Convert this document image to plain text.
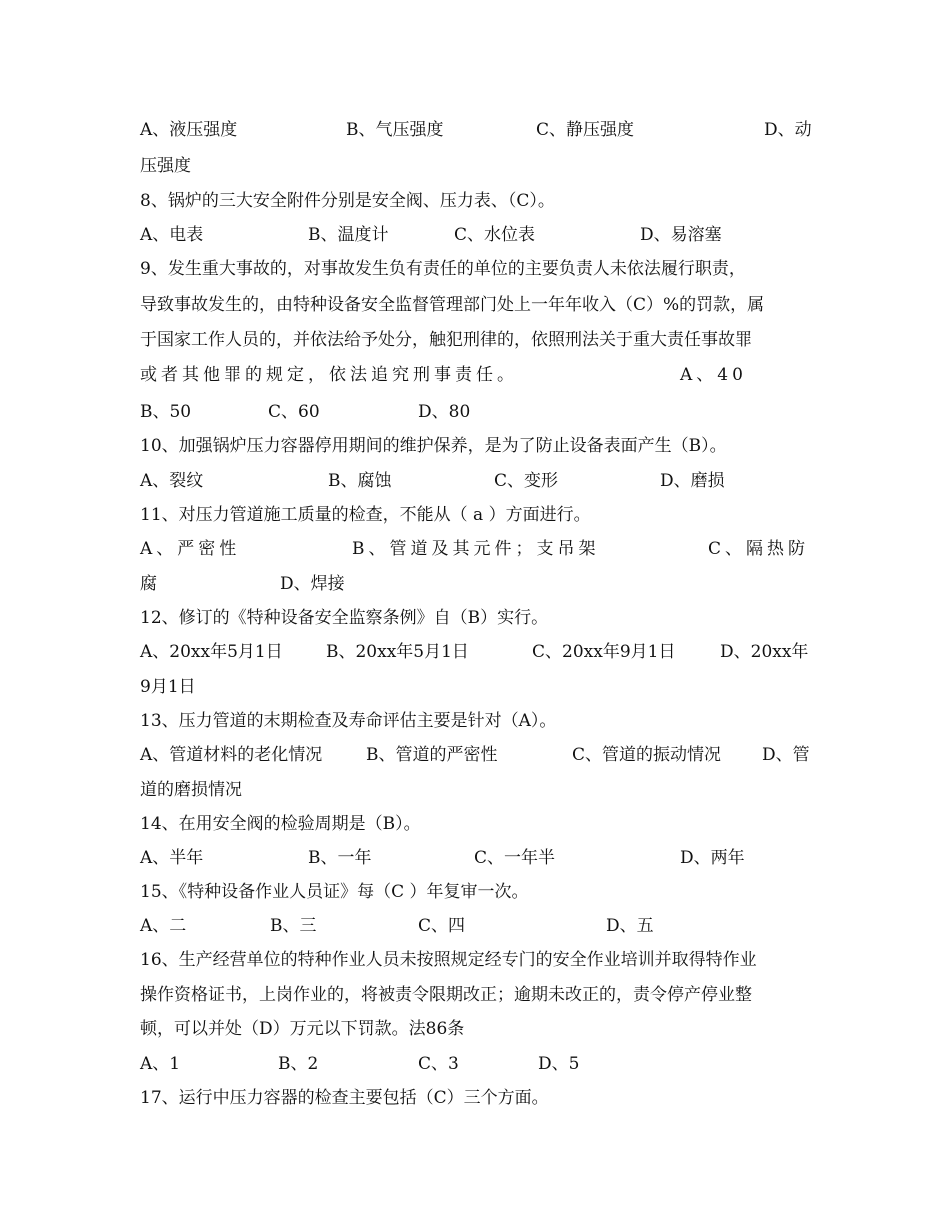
A、液压强度	B、气压强度	C、静压强度	D、动
压强度
8、锅炉的三大安全附件分别是安全阀、压力表、（C）。
A、电表	B、温度计	C、水位表	D、易溶塞
9、发生重大事故的，对事故发生负有责任的单位的主要负责人未依法履行职责，
导致事故发生的，由特种设备安全监督管理部门处上一年年收入（C）%的罚款，属
于国家工作人员的，并依法给予处分，触犯刑律的，依照刑法关于重大责任事故罪
或者其他罪的规定，依法追究刑事责任。	A、40
B、50	C、60	D、80
10、加强锅炉压力容器停用期间的维护保养，是为了防止设备表面产生（B）。
A、裂纹	B、腐蚀	C、变形	D、磨损
11、对压力管道施工质量的检查，不能从（ a ）方面进行。
A、严密性	B、管道及其元件；支吊架	C、隔热防
腐	D、焊接
12、修订的《特种设备安全监察条例》自（B）实行。
A、20xx年5月1日	B、20xx年5月1日	C、20xx年9月1日	D、20xx年
9月1日
13、压力管道的末期检查及寿命评估主要是针对（A）。
A、管道材料的老化情况	B、管道的严密性	C、管道的振动情况 D、管
道的磨损情况
14、在用安全阀的检验周期是（B）。
A、半年	B、一年	C、一年半	D、两年
15、《特种设备作业人员证》每（C ）年复审一次。
A、二	B、三	C、四	D、五
16、生产经营单位的特种作业人员未按照规定经专门的安全作业培训并取得特作业
操作资格证书，上岗作业的，将被责令限期改正；逾期未改正的，责令停产停业整
顿，可以并处（D）万元以下罚款。法86条
A、1	B、2	C、3	D、5
17、运行中压力容器的检查主要包括（C）三个方面。
